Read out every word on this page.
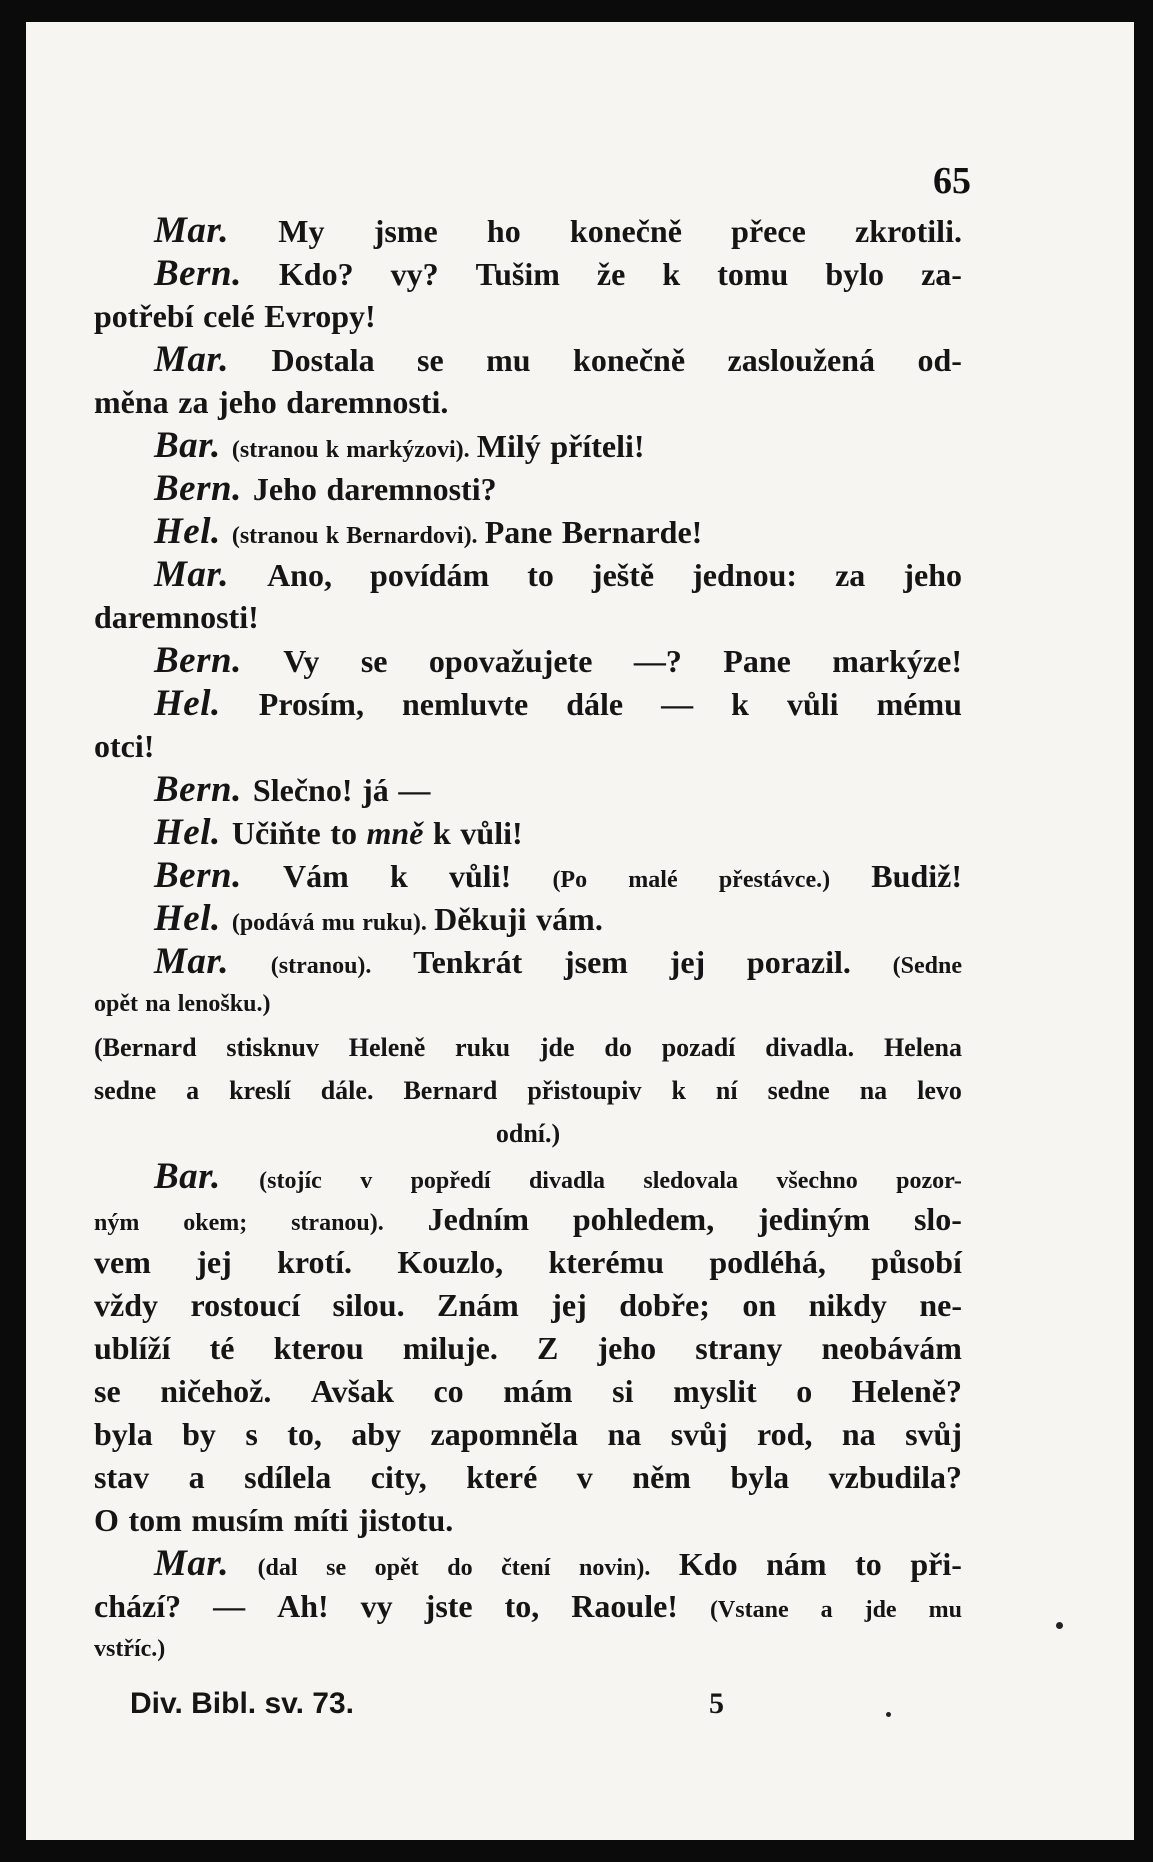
65
Mar. My jsme ho konečně přece zkrotili.
Bern. Kdo? vy? Tušim že k tomu bylo za-
potřebí celé Evropy!
Mar. Dostala se mu konečně zasloužená od-
měna za jeho daremnosti.
Bar. (stranou k markýzovi). Milý příteli!
Bern. Jeho daremnosti?
Hel. (stranou k Bernardovi). Pane Bernarde!
Mar. Ano, povídám to ještě jednou: za jeho
daremnosti!
Bern. Vy se opovažujete —? Pane markýze!
Hel. Prosím, nemluvte dále — k vůli mému
otci!
Bern. Slečno! já —
Hel. Učiňte to mně k vůli!
Bern. Vám k vůli! (Po malé přestávce.) Budiž!
Hel. (podává mu ruku). Děkuji vám.
Mar. (stranou). Tenkrát jsem jej porazil. (Sedne
opět na lenošku.)
(Bernard stisknuv Heleně ruku jde do pozadí divadla. Helena
sedne a kreslí dále. Bernard přistoupiv k ní sedne na levo
od ní.)
Bar. (stojíc v popředí divadla sledovala všechno pozor-
ným okem; stranou). Jedním pohledem, jediným slo-
vem jej krotí. Kouzlo, kterému podléhá, působí
vždy rostoucí silou. Znám jej dobře; on nikdy ne-
ublíží té kterou miluje. Z jeho strany neobávám
se ničehož. Avšak co mám si myslit o Heleně?
byla by s to, aby zapomněla na svůj rod, na svůj
stav a sdílela city, které v něm byla vzbudila?
O tom musím míti jistotu.
Mar. (dal se opět do čtení novin). Kdo nám to při-
chází? — Ah! vy jste to, Raoule! (Vstane a jde mu
vstříc.)
Div. Bibl. sv. 73.	5
